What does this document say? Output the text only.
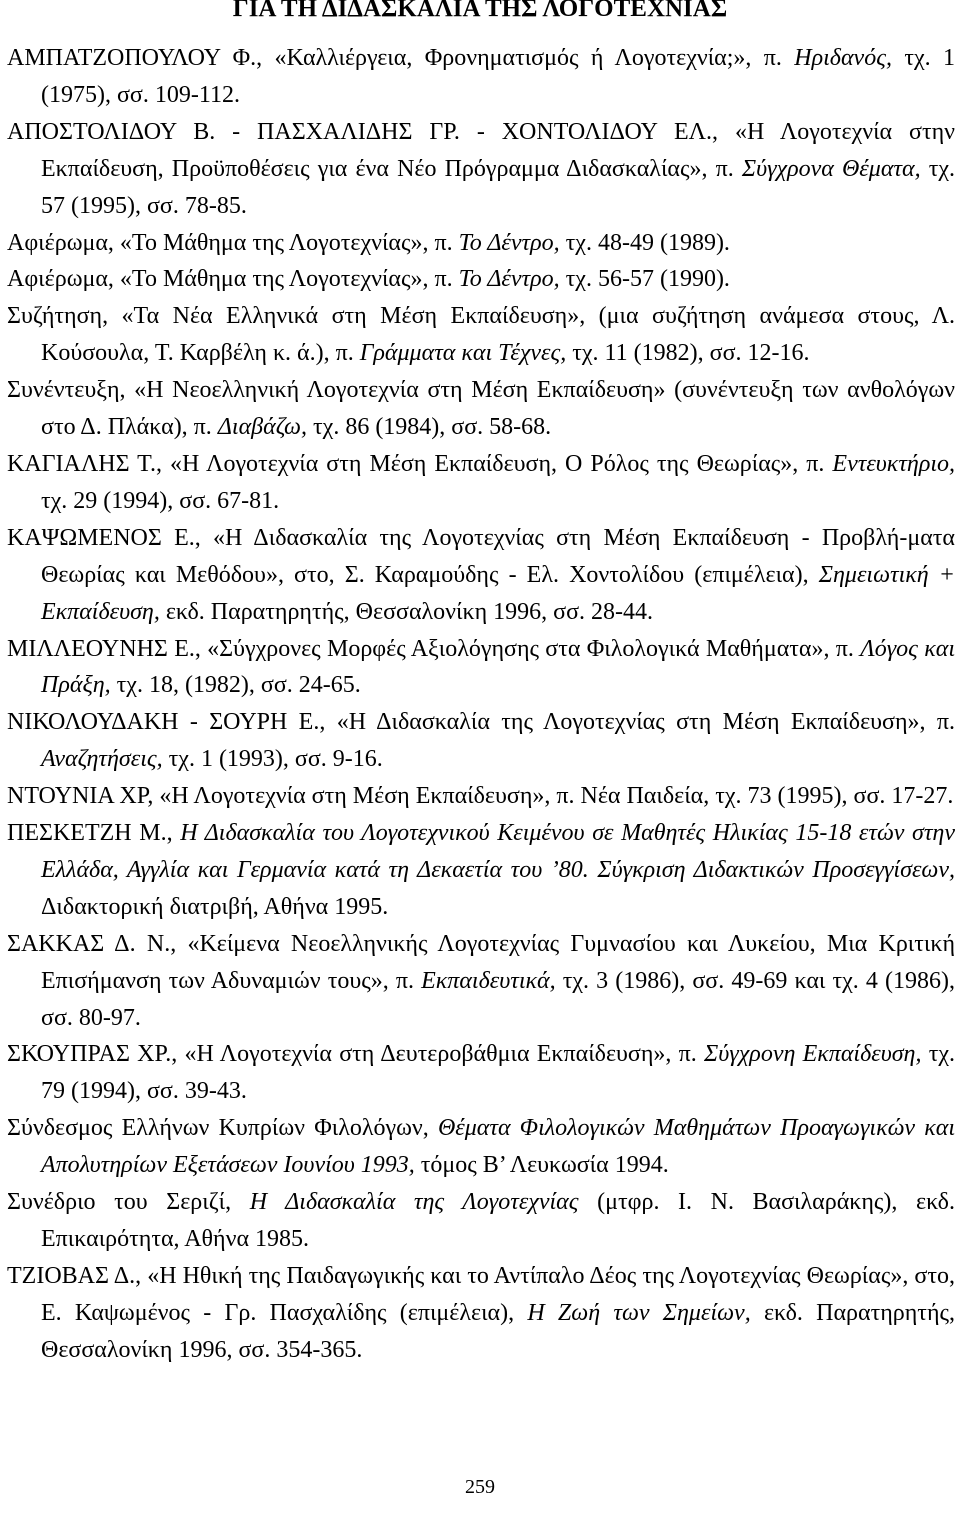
ΓΙΑ ΤΗ ΔΙΔΑΣΚΑΛΙΑ ΤΗΣ ΛΟΓΟΤΕΧΝΙΑΣ

ΑΜΠΑΤΖΟΠΟΥΛΟΥ Φ., «Καλλιέργεια, Φρονηματισμός ή Λογοτεχνία;», π. Ηριδανός, τχ. 1 (1975), σσ. 109-112.

ΑΠΟΣΤΟΛΙΔΟΥ Β. - ΠΑΣΧΑΛΙΔΗΣ ΓΡ. - ΧΟΝΤΟΛΙΔΟΥ ΕΛ., «Η Λογοτεχνία στην Εκπαίδευση, Προϋποθέσεις για ένα Νέο Πρόγραμμα Διδασκαλίας», π. Σύγχρονα Θέματα, τχ. 57 (1995), σσ. 78-85.

Αφιέρωμα, «Το Μάθημα της Λογοτεχνίας», π. Το Δέντρο, τχ. 48-49 (1989).

Αφιέρωμα, «Το Μάθημα της Λογοτεχνίας», π. Το Δέντρο, τχ. 56-57 (1990).

Συζήτηση, «Τα Νέα Ελληνικά στη Μέση Εκπαίδευση», (μια συζήτηση ανάμεσα στους, Λ. Κούσουλα, Τ. Καρβέλη κ. ά.), π. Γράμματα και Τέχνες, τχ. 11 (1982), σσ. 12-16.

Συνέντευξη, «Η Νεοελληνική Λογοτεχνία στη Μέση Εκπαίδευση» (συνέντευξη των ανθολόγων στο Δ. Πλάκα), π. Διαβάζω, τχ. 86 (1984), σσ. 58-68.

ΚΑΓΙΑΛΗΣ Τ., «Η Λογοτεχνία στη Μέση Εκπαίδευση, Ο Ρόλος της Θεωρίας», π. Εντευκτήριο, τχ. 29 (1994), σσ. 67-81.

ΚΑΨΩΜΕΝΟΣ Ε., «Η Διδασκαλία της Λογοτεχνίας στη Μέση Εκπαίδευση - Προβλή-ματα Θεωρίας και Μεθόδου», στο, Σ. Καραμούδης - Ελ. Χοντολίδου (επιμέλεια), Σημειωτική + Εκπαίδευση, εκδ. Παρατηρητής, Θεσσαλονίκη 1996, σσ. 28-44.

ΜΙΛΛΕΟΥΝΗΣ Ε., «Σύγχρονες Μορφές Αξιολόγησης στα Φιλολογικά Μαθήματα», π. Λόγος και Πράξη, τχ. 18, (1982), σσ. 24-65.

ΝΙΚΟΛΟΥΔΑΚΗ - ΣΟΥΡΗ Ε., «Η Διδασκαλία της Λογοτεχνίας στη Μέση Εκπαίδευση», π. Αναζητήσεις, τχ. 1 (1993), σσ. 9-16.

ΝΤΟΥΝΙΑ ΧΡ, «Η Λογοτεχνία στη Μέση Εκπαίδευση», π. Νέα Παιδεία, τχ. 73 (1995), σσ. 17-27.

ΠΕΣΚΕΤΖΗ Μ., Η Διδασκαλία του Λογοτεχνικού Κειμένου σε Μαθητές Ηλικίας 15-18 ετών στην Ελλάδα, Αγγλία και Γερμανία κατά τη Δεκαετία του ’80. Σύγκριση Διδακτικών Προσεγγίσεων, Διδακτορική διατριβή, Αθήνα 1995.

ΣΑΚΚΑΣ Δ. Ν., «Κείμενα Νεοελληνικής Λογοτεχνίας Γυμνασίου και Λυκείου, Μια Κριτική Επισήμανση των Αδυναμιών τους», π. Εκπαιδευτικά, τχ. 3 (1986), σσ. 49-69 και τχ. 4 (1986), σσ. 80-97.

ΣΚΟΥΠΡΑΣ ΧΡ., «Η Λογοτεχνία στη Δευτεροβάθμια Εκπαίδευση», π. Σύγχρονη Εκπαίδευση, τχ. 79 (1994), σσ. 39-43.

Σύνδεσμος Ελλήνων Κυπρίων Φιλολόγων, Θέματα Φιλολογικών Μαθημάτων Προαγωγικών και Απολυτηρίων Εξετάσεων Ιουνίου 1993, τόμος Β’ Λευκωσία 1994.

Συνέδριο του Σεριζί, Η Διδασκαλία της Λογοτεχνίας (μτφρ. Ι. Ν. Βασιλαράκης), εκδ. Επικαιρότητα, Αθήνα 1985.

ΤΖΙΟΒΑΣ Δ., «Η Ηθική της Παιδαγωγικής και το Αντίπαλο Δέος της Λογοτεχνίας Θεωρίας», στο, Ε. Καψωμένος - Γρ. Πασχαλίδης (επιμέλεια), Η Ζωή των Σημείων, εκδ. Παρατηρητής, Θεσσαλονίκη 1996, σσ. 354-365.

259
